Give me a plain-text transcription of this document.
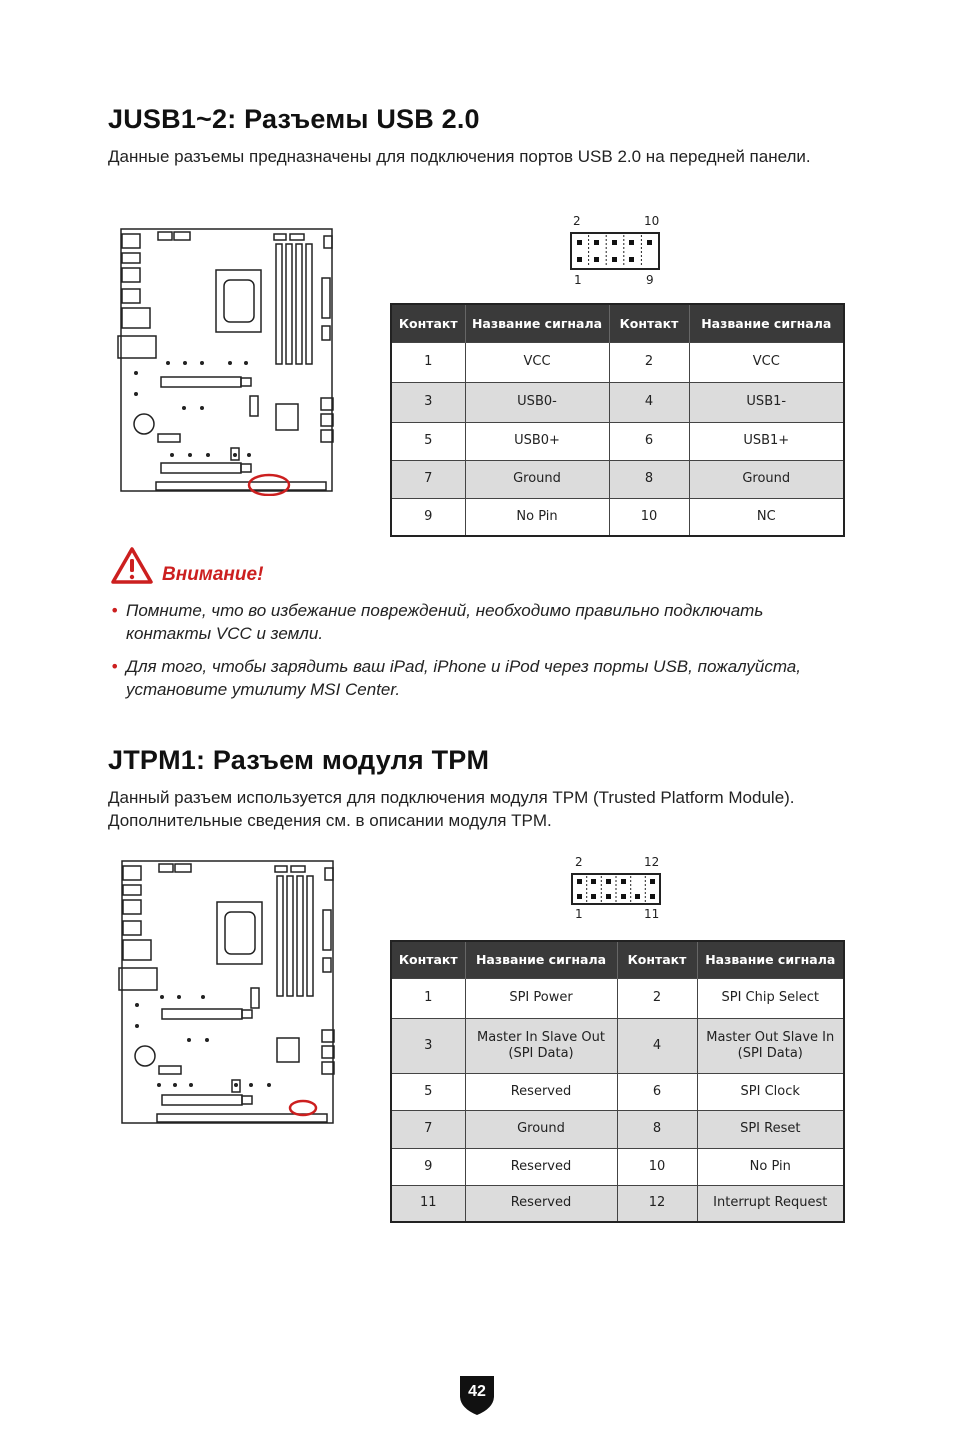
JUSB1~2: Разъемы USB 2.0
Данные разъемы предназначены для подключения портов USB 2.0 на передней панели.
2	10
1	9
Контакт	Название сигнала	Контакт	Название сигнала
1	VCC	2	VCC
3	USB0-	4	USB1-
5	USB0+	6	USB1+
7	Ground	8	Ground
9	No Pin	10	NC
Внимание!
• Помните, что во избежание повреждений, необходимо правильно подключать контакты VCC и земли.
• Для того, чтобы зарядить ваш iPad, iPhone и iPod через порты USB, пожалуйста, установите утилиту MSI Center.
JTPM1: Разъем модуля TPM
Данный разъем используется для подключения модуля TPM (Trusted Platform Module). Дополнительные сведения см. в описании модуля TPM.
2	12
1	11
Контакт	Название сигнала	Контакт	Название сигнала
1	SPI Power	2	SPI Chip Select
3	Master In Slave Out (SPI Data)	4	Master Out Slave In (SPI Data)
5	Reserved	6	SPI Clock
7	Ground	8	SPI Reset
9	Reserved	10	No Pin
11	Reserved	12	Interrupt Request
42
